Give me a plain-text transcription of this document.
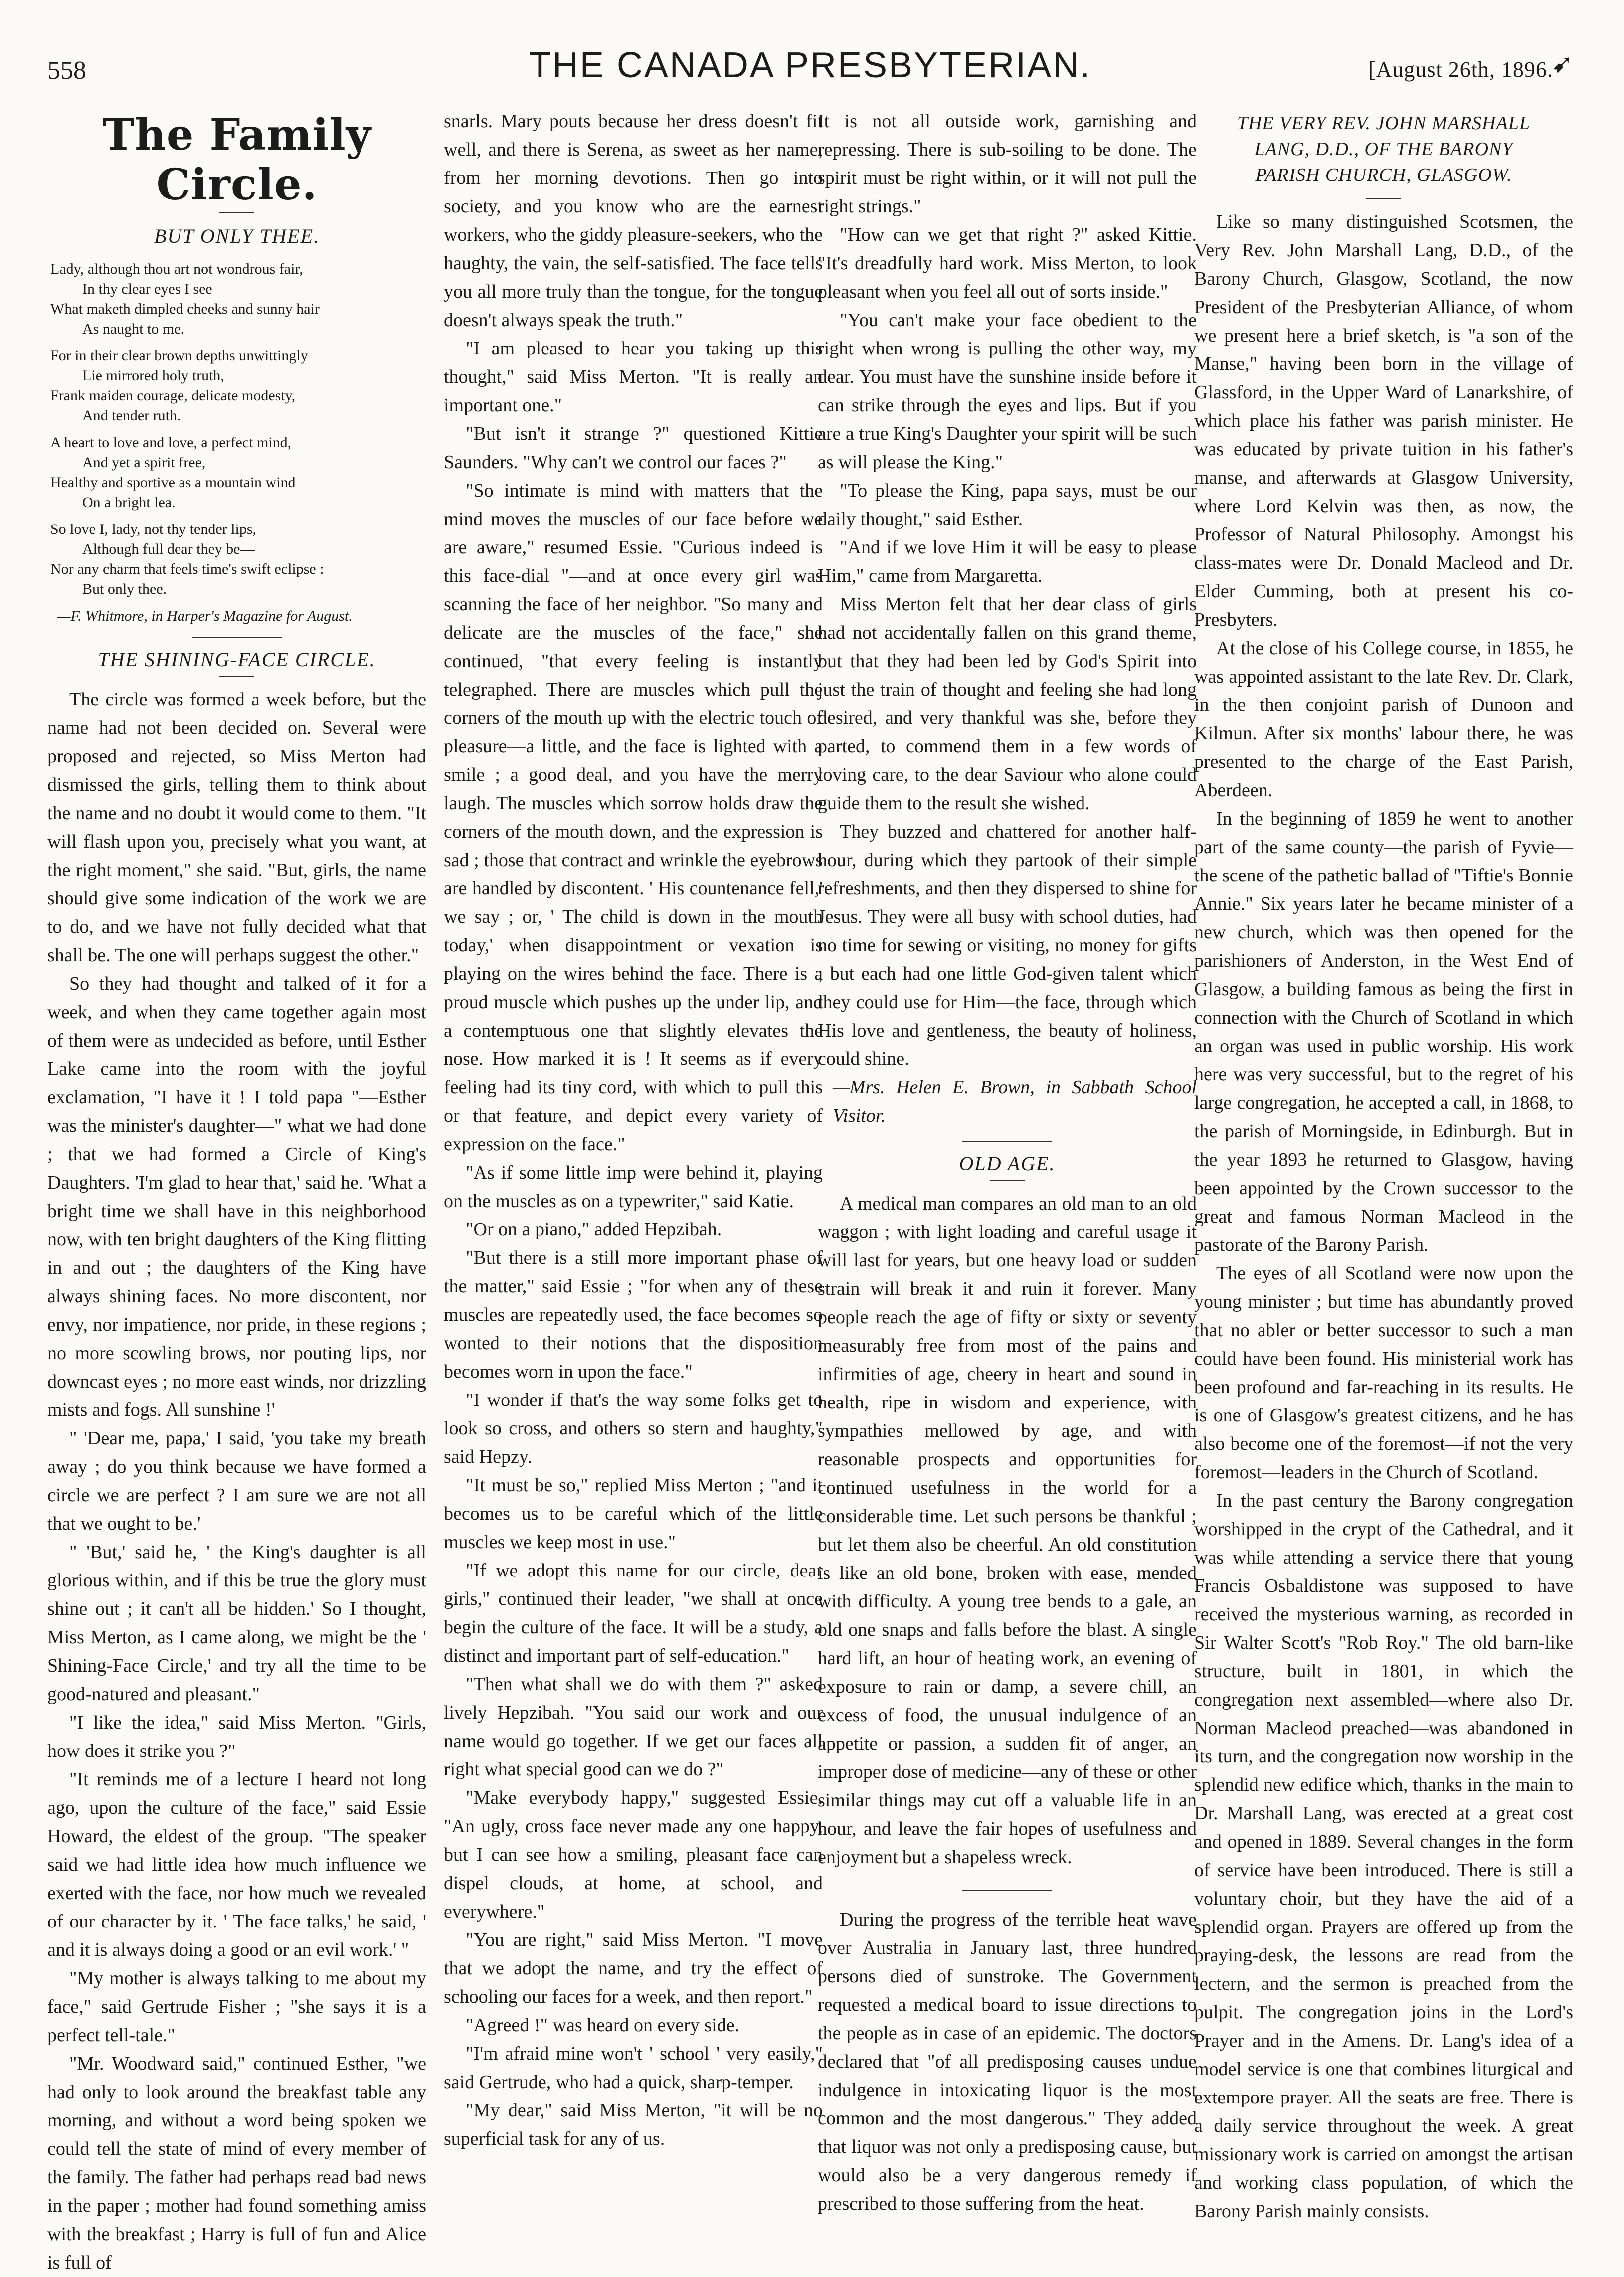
558	THE CANADA PRESBYTERIAN.	[August 26th, 1896.
➹
The Family Circle.
BUT ONLY THEE.
Lady, although thou art not wondrous fair,
In thy clear eyes I see
What maketh dimpled cheeks and sunny hair
As naught to me.
For in their clear brown depths unwittingly
Lie mirrored holy truth,
Frank maiden courage, delicate modesty,
And tender ruth.
A heart to love and love, a perfect mind,
And yet a spirit free,
Healthy and sportive as a mountain wind
On a bright lea.
So love I, lady, not thy tender lips,
Although full dear they be—
Nor any charm that feels time's swift eclipse :
But only thee.
—F. Whitmore, in Harper's Magazine for August.
THE SHINING-FACE CIRCLE.

The circle was formed a week before, but the name had not been decided on. Several were proposed and rejected, so Miss Merton had dismissed the girls, telling them to think about the name and no doubt it would come to them. "It will flash upon you, precisely what you want, at the right moment," she said. "But, girls, the name should give some indication of the work we are to do, and we have not fully decided what that shall be. The one will perhaps suggest the other."

So they had thought and talked of it for a week, and when they came together again most of them were as undecided as before, until Esther Lake came into the room with the joyful exclamation, "I have it ! I told papa "—Esther was the minister's daughter—" what we had done ; that we had formed a Circle of King's Daughters. 'I'm glad to hear that,' said he. 'What a bright time we shall have in this neighborhood now, with ten bright daughters of the King flitting in and out ; the daughters of the King have always shining faces. No more discontent, nor envy, nor impatience, nor pride, in these regions ; no more scowling brows, nor pouting lips, nor downcast eyes ; no more east winds, nor drizzling mists and fogs. All sunshine !'

" 'Dear me, papa,' I said, 'you take my breath away ; do you think because we have formed a circle we are perfect ? I am sure we are not all that we ought to be.'

" 'But,' said he, ' the King's daughter is all glorious within, and if this be true the glory must shine out ; it can't all be hidden.' So I thought, Miss Merton, as I came along, we might be the ' Shining-Face Circle,' and try all the time to be good-natured and pleasant."

"I like the idea," said Miss Merton. "Girls, how does it strike you ?"

"It reminds me of a lecture I heard not long ago, upon the culture of the face," said Essie Howard, the eldest of the group. "The speaker said we had little idea how much influence we exerted with the face, nor how much we revealed of our character by it. ' The face talks,' he said, ' and it is always doing a good or an evil work.' "

"My mother is always talking to me about my face," said Gertrude Fisher ; "she says it is a perfect tell-tale."

"Mr. Woodward said," continued Esther, "we had only to look around the breakfast table any morning, and without a word being spoken we could tell the state of mind of every member of the family. The father had perhaps read bad news in the paper ; mother had found something amiss with the breakfast ; Harry is full of fun and Alice is full of

snarls. Mary pouts because her dress doesn't fit well, and there is Serena, as sweet as her name, from her morning devotions. Then go into society, and you know who are the earnest workers, who the giddy pleasure-seekers, who the haughty, the vain, the self-satisfied. The face tells you all more truly than the tongue, for the tongue doesn't always speak the truth."

"I am pleased to hear you taking up this thought," said Miss Merton. "It is really an important one."

"But isn't it strange ?" questioned Kittie Saunders. "Why can't we control our faces ?"

"So intimate is mind with matters that the mind moves the muscles of our face before we are aware," resumed Essie. "Curious indeed is this face-dial "—and at once every girl was scanning the face of her neighbor. "So many and delicate are the muscles of the face," she continued, "that every feeling is instantly telegraphed. There are muscles which pull the corners of the mouth up with the electric touch of pleasure—a little, and the face is lighted with a smile ; a good deal, and you have the merry laugh. The muscles which sorrow holds draw the corners of the mouth down, and the expression is sad ; those that contract and wrinkle the eyebrows are handled by discontent. ' His countenance fell,' we say ; or, ' The child is down in the mouth today,' when disappointment or vexation is playing on the wires behind the face. There is a proud muscle which pushes up the under lip, and a contemptuous one that slightly elevates the nose. How marked it is ! It seems as if every feeling had its tiny cord, with which to pull this or that feature, and depict every variety of expression on the face."

"As if some little imp were behind it, playing on the muscles as on a typewriter," said Katie.

"Or on a piano," added Hepzibah.

"But there is a still more important phase of the matter," said Essie ; "for when any of these muscles are repeatedly used, the face becomes so wonted to their notions that the disposition becomes worn in upon the face."

"I wonder if that's the way some folks get to look so cross, and others so stern and haughty," said Hepzy.

"It must be so," replied Miss Merton ; "and it becomes us to be careful which of the little muscles we keep most in use."

"If we adopt this name for our circle, dear girls," continued their leader, "we shall at once begin the culture of the face. It will be a study, a distinct and important part of self-education."

"Then what shall we do with them ?" asked lively Hepzibah. "You said our work and our name would go together. If we get our faces all right what special good can we do ?"

"Make everybody happy," suggested Essie. "An ugly, cross face never made any one happy, but I can see how a smiling, pleasant face can dispel clouds, at home, at school, and everywhere."

"You are right," said Miss Merton. "I move that we adopt the name, and try the effect of schooling our faces for a week, and then report."

"Agreed !" was heard on every side.

"I'm afraid mine won't ' school ' very easily," said Gertrude, who had a quick, sharp-temper.

"My dear," said Miss Merton, "it will be no superficial task for any of us.

It is not all outside work, garnishing and repressing. There is sub-soiling to be done. The spirit must be right within, or it will not pull the right strings."

"How can we get that right ?" asked Kittie. "It's dreadfully hard work. Miss Merton, to look pleasant when you feel all out of sorts inside."

"You can't make your face obedient to the right when wrong is pulling the other way, my dear. You must have the sunshine inside before it can strike through the eyes and lips. But if you are a true King's Daughter your spirit will be such as will please the King."

"To please the King, papa says, must be our daily thought," said Esther.

"And if we love Him it will be easy to please Him," came from Margaretta.

Miss Merton felt that her dear class of girls had not accidentally fallen on this grand theme, but that they had been led by God's Spirit into just the train of thought and feeling she had long desired, and very thankful was she, before they parted, to commend them in a few words of loving care, to the dear Saviour who alone could guide them to the result she wished.

They buzzed and chattered for another half-hour, during which they partook of their simple refreshments, and then they dispersed to shine for Jesus. They were all busy with school duties, had no time for sewing or visiting, no money for gifts ; but each had one little God-given talent which they could use for Him—the face, through which His love and gentleness, the beauty of holiness, could shine.

—Mrs. Helen E. Brown, in Sabbath School Visitor.

OLD AGE.

A medical man compares an old man to an old waggon ; with light loading and careful usage it will last for years, but one heavy load or sudden strain will break it and ruin it forever. Many people reach the age of fifty or sixty or seventy measurably free from most of the pains and infirmities of age, cheery in heart and sound in health, ripe in wisdom and experience, with sympathies mellowed by age, and with reasonable prospects and opportunities for continued usefulness in the world for a considerable time. Let such persons be thankful ; but let them also be cheerful. An old constitution is like an old bone, broken with ease, mended with difficulty. A young tree bends to a gale, an old one snaps and falls before the blast. A single hard lift, an hour of heating work, an evening of exposure to rain or damp, a severe chill, an excess of food, the unusual indulgence of an appetite or passion, a sudden fit of anger, an improper dose of medicine—any of these or other similar things may cut off a valuable life in an hour, and leave the fair hopes of usefulness and enjoyment but a shapeless wreck.

During the progress of the terrible heat wave over Australia in January last, three hundred persons died of sunstroke. The Government requested a medical board to issue directions to the people as in case of an epidemic. The doctors declared that "of all predisposing causes undue indulgence in intoxicating liquor is the most common and the most dangerous." They added that liquor was not only a predisposing cause, but would also be a very dangerous remedy if prescribed to those suffering from the heat.

THE VERY REV. JOHN MARSHALL
LANG, D.D., OF THE BARONY
PARISH CHURCH, GLASGOW.

Like so many distinguished Scotsmen, the Very Rev. John Marshall Lang, D.D., of the Barony Church, Glasgow, Scotland, the now President of the Presbyterian Alliance, of whom we present here a brief sketch, is "a son of the Manse," having been born in the village of Glassford, in the Upper Ward of Lanarkshire, of which place his father was parish minister. He was educated by private tuition in his father's manse, and afterwards at Glasgow University, where Lord Kelvin was then, as now, the Professor of Natural Philosophy. Amongst his class-mates were Dr. Donald Macleod and Dr. Elder Cumming, both at present his co-Presbyters.

At the close of his College course, in 1855, he was appointed assistant to the late Rev. Dr. Clark, in the then conjoint parish of Dunoon and Kilmun. After six months' labour there, he was presented to the charge of the East Parish, Aberdeen.

In the beginning of 1859 he went to another part of the same county—the parish of Fyvie—the scene of the pathetic ballad of "Tiftie's Bonnie Annie." Six years later he became minister of a new church, which was then opened for the parishioners of Anderston, in the West End of Glasgow, a building famous as being the first in connection with the Church of Scotland in which an organ was used in public worship. His work here was very successful, but to the regret of his large congregation, he accepted a call, in 1868, to the parish of Morningside, in Edinburgh. But in the year 1893 he returned to Glasgow, having been appointed by the Crown successor to the great and famous Norman Macleod in the pastorate of the Barony Parish.

The eyes of all Scotland were now upon the young minister ; but time has abundantly proved that no abler or better successor to such a man could have been found. His ministerial work has been profound and far-reaching in its results. He is one of Glasgow's greatest citizens, and he has also become one of the foremost—if not the very foremost—leaders in the Church of Scotland.

In the past century the Barony congregation worshipped in the crypt of the Cathedral, and it was while attending a service there that young Francis Osbaldistone was supposed to have received the mysterious warning, as recorded in Sir Walter Scott's "Rob Roy." The old barn-like structure, built in 1801, in which the congregation next assembled—where also Dr. Norman Macleod preached—was abandoned in its turn, and the congregation now worship in the splendid new edifice which, thanks in the main to Dr. Marshall Lang, was erected at a great cost and opened in 1889. Several changes in the form of service have been introduced. There is still a voluntary choir, but they have the aid of a splendid organ. Prayers are offered up from the praying-desk, the lessons are read from the lectern, and the sermon is preached from the pulpit. The congregation joins in the Lord's Prayer and in the Amens. Dr. Lang's idea of a model service is one that combines liturgical and extempore prayer. All the seats are free. There is a daily service throughout the week. A great missionary work is carried on amongst the artisan and working class population, of which the Barony Parish mainly consists.
